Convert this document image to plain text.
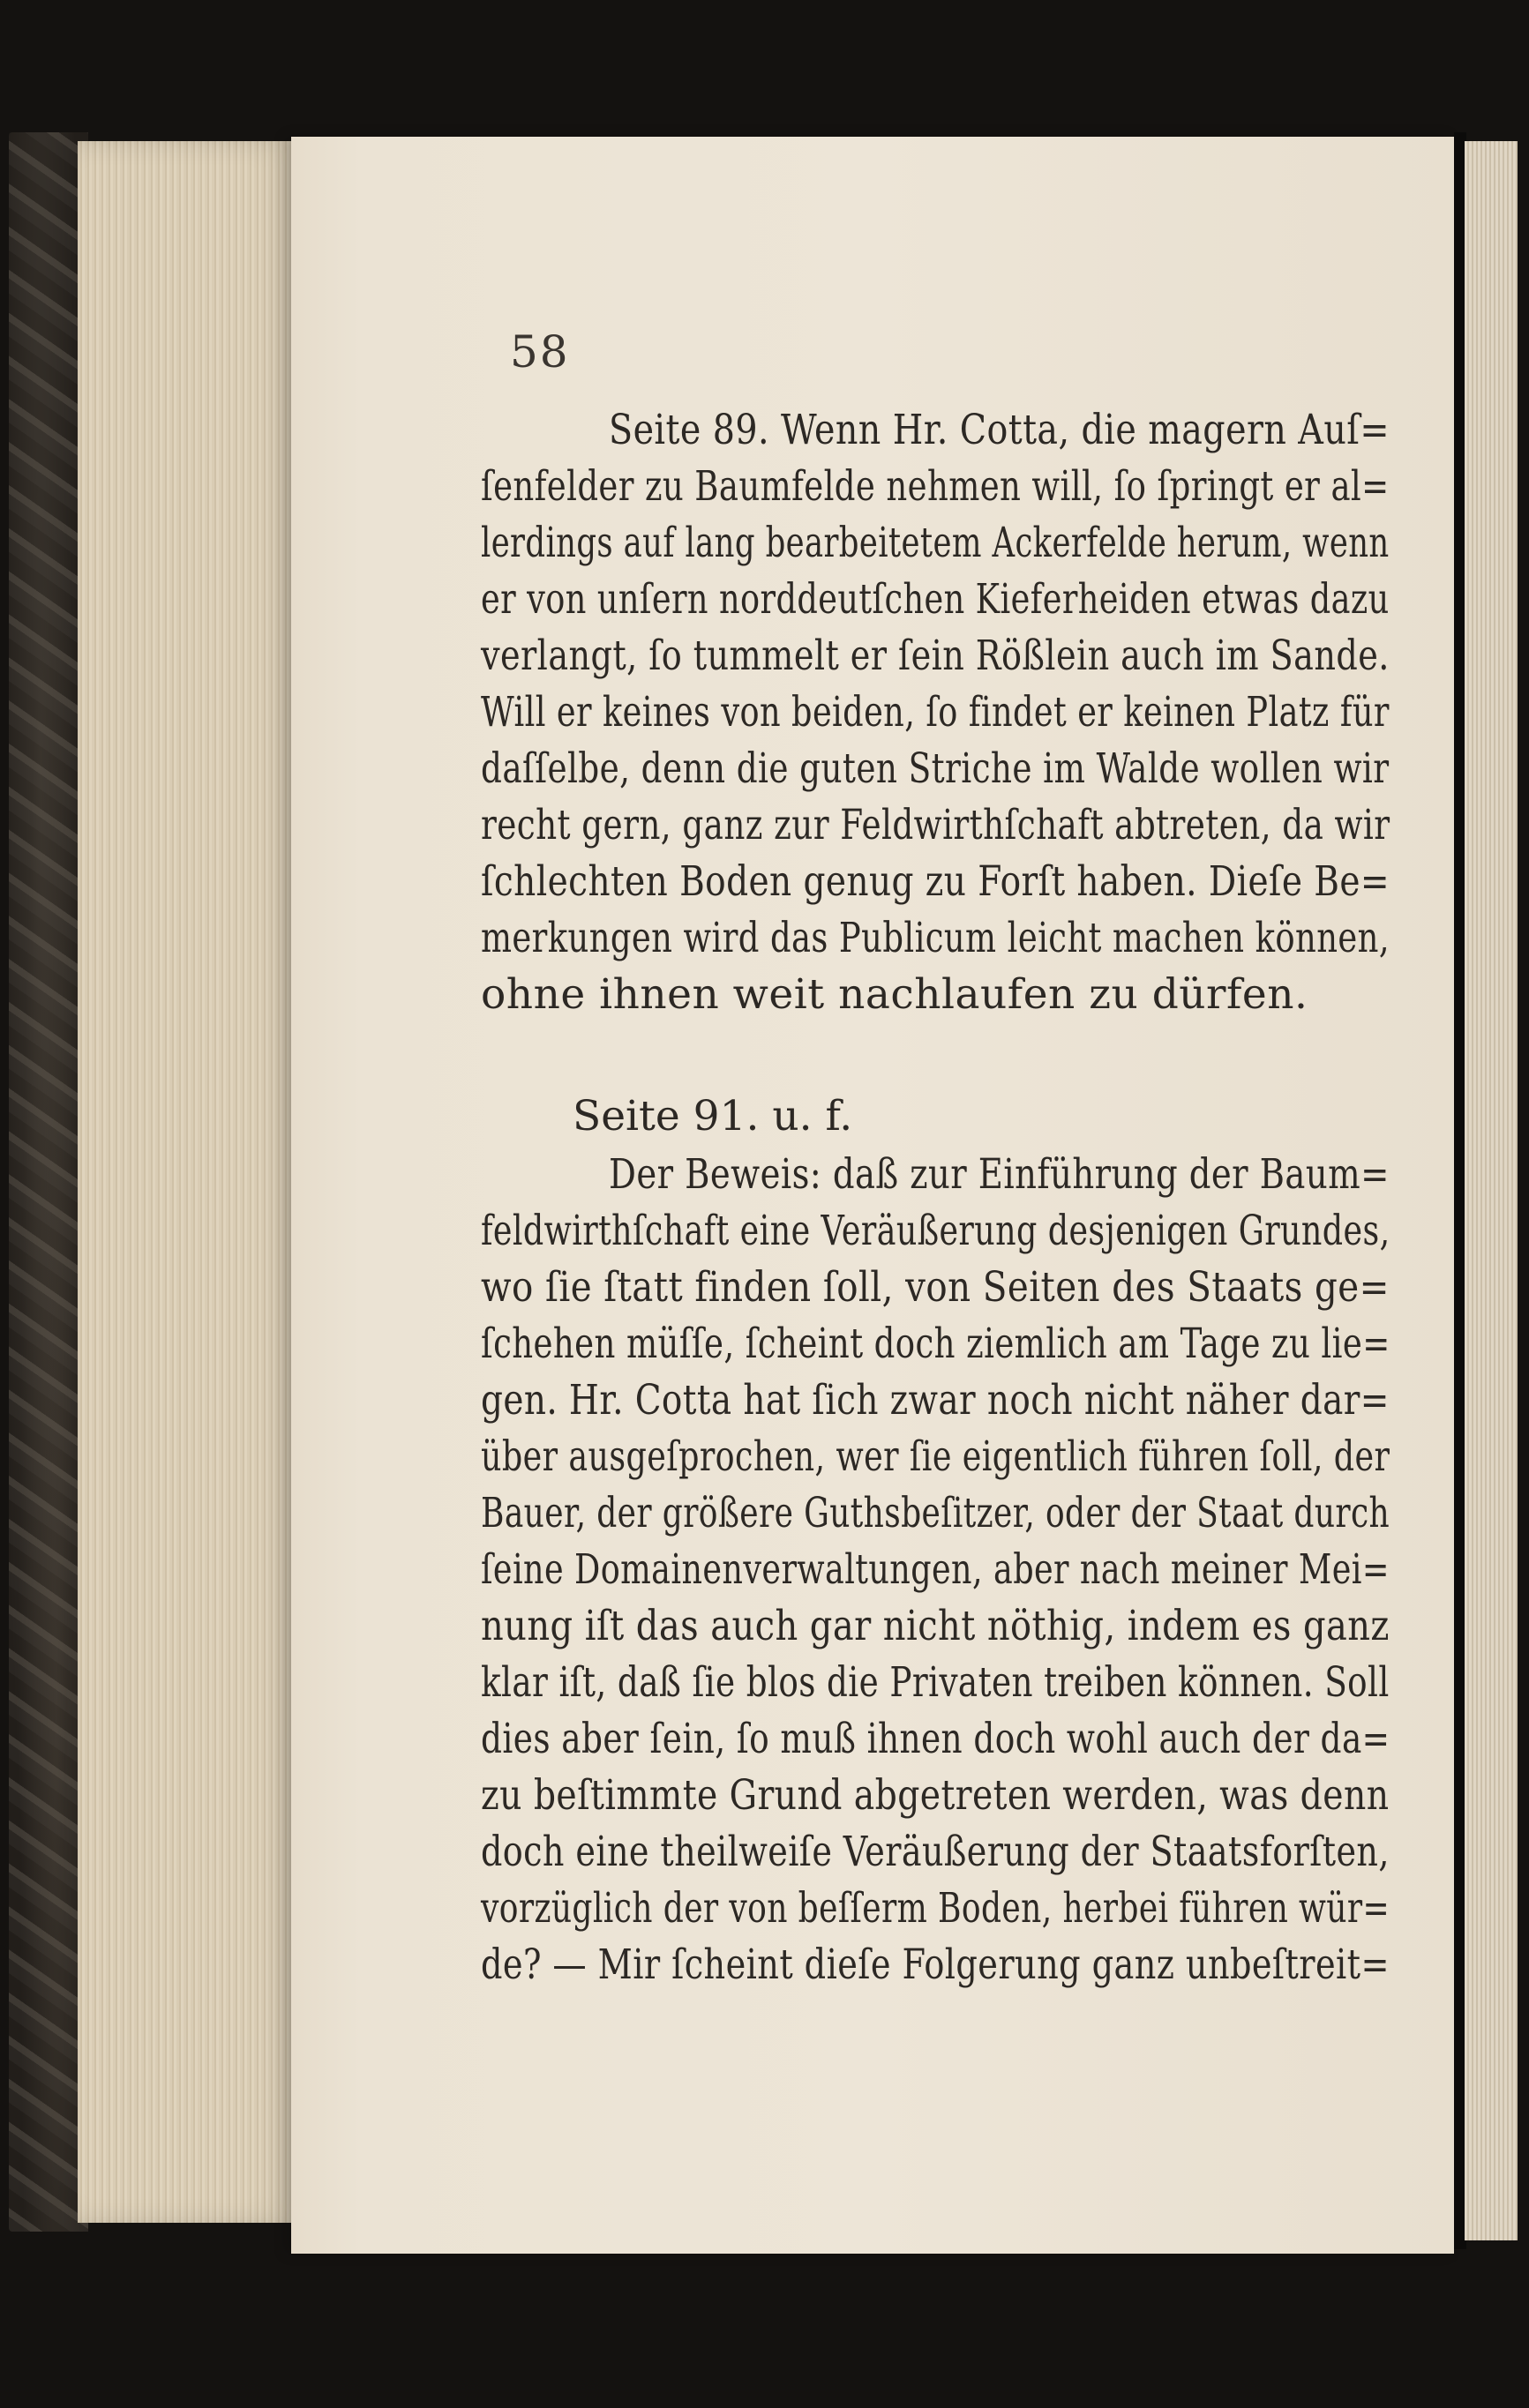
58
Seite 89. Wenn Hr. Cotta, die magern Auſ=
ſenfelder zu Baumfelde nehmen will, ſo ſpringt er al=
lerdings auf lang bearbeitetem Ackerfelde herum, wenn
er von unſern norddeutſchen Kieferheiden etwas dazu
verlangt, ſo tummelt er ſein Rößlein auch im Sande.
Will er keines von beiden, ſo findet er keinen Platz für
daſſelbe, denn die guten Striche im Walde wollen wir
recht gern, ganz zur Feldwirthſchaft abtreten, da wir
ſchlechten Boden genug zu Forſt haben. Dieſe Be=
merkungen wird das Publicum leicht machen können,
ohne ihnen weit nachlaufen zu dürfen.
Seite 91. u. f.
Der Beweis: daß zur Einführung der Baum=
feldwirthſchaft eine Veräußerung desjenigen Grundes,
wo ſie ſtatt finden ſoll, von Seiten des Staats ge=
ſchehen müſſe, ſcheint doch ziemlich am Tage zu lie=
gen. Hr. Cotta hat ſich zwar noch nicht näher dar=
über ausgeſprochen, wer ſie eigentlich führen ſoll, der
Bauer, der größere Guthsbeſitzer, oder der Staat durch
ſeine Domainenverwaltungen, aber nach meiner Mei=
nung iſt das auch gar nicht nöthig, indem es ganz
klar iſt, daß ſie blos die Privaten treiben können. Soll
dies aber ſein, ſo muß ihnen doch wohl auch der da=
zu beſtimmte Grund abgetreten werden, was denn
doch eine theilweiſe Veräußerung der Staatsforſten,
vorzüglich der von beſſerm Boden, herbei führen wür=
de? — Mir ſcheint dieſe Folgerung ganz unbeſtreit=
